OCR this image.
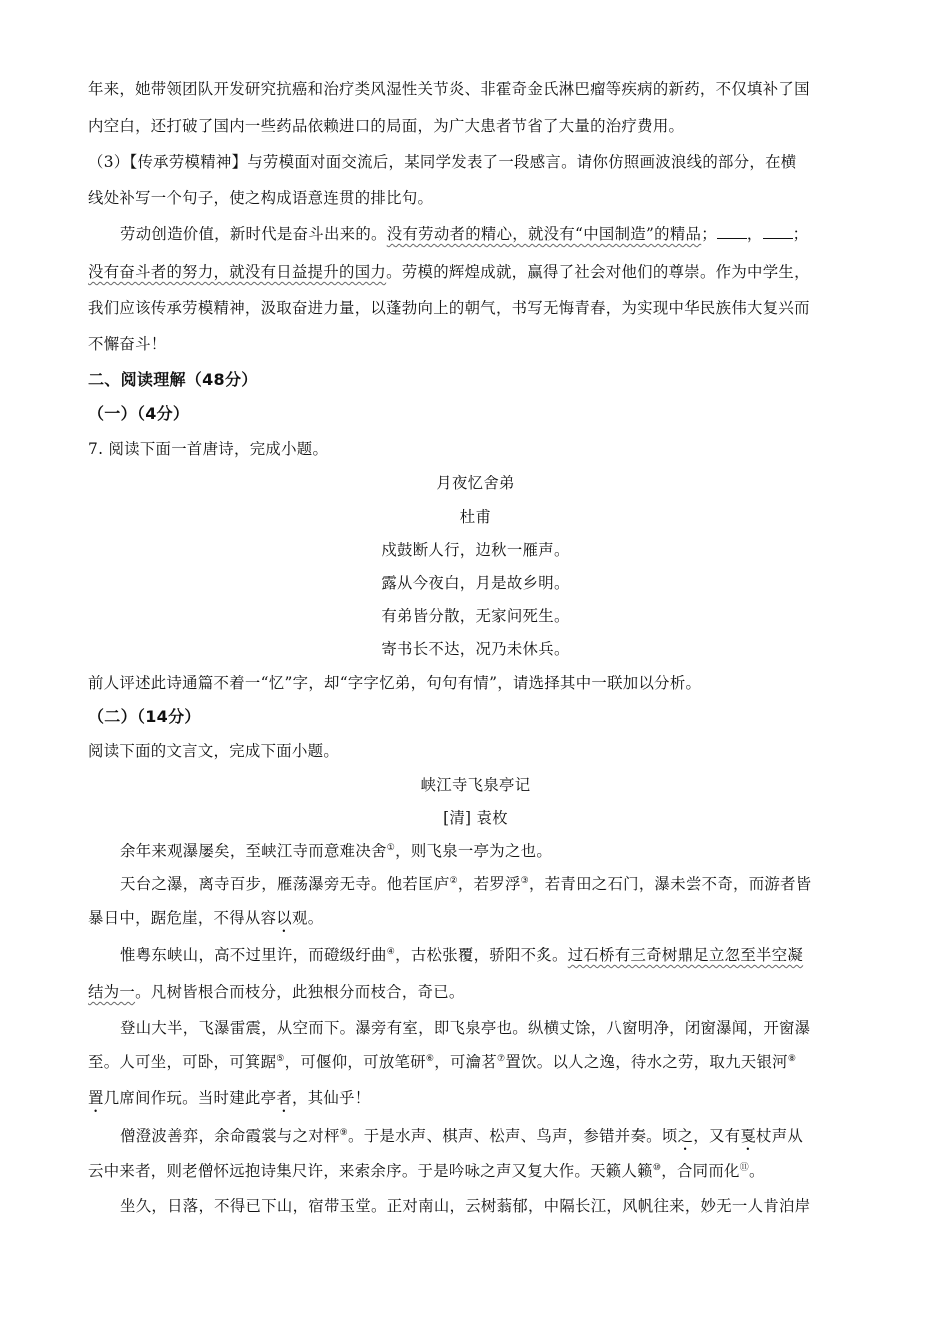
年来，她带领团队开发研究抗癌和治疗类风湿性关节炎、非霍奇金氏淋巴瘤等疾病的新药，不仅填补了国
内空白，还打破了国内一些药品依赖进口的局面，为广大患者节省了大量的治疗费用。
（3）【传承劳模精神】与劳模面对面交流后，某同学发表了一段感言。请你仿照画波浪线的部分，在横
线处补写一个句子，使之构成语意连贯的排比句。
劳动创造价值，新时代是奋斗出来的。没有劳动者的精心，就没有“中国制造”的精品； ， ；
没有奋斗者的努力，就没有日益提升的国力。劳模的辉煌成就，赢得了社会对他们的尊崇。作为中学生，
我们应该传承劳模精神，汲取奋进力量，以蓬勃向上的朝气，书写无悔青春，为实现中华民族伟大复兴而
不懈奋斗！
二、阅读理解（48分）
（一）（4分）
7. 阅读下面一首唐诗，完成小题。
月夜忆舍弟
杜甫
戍鼓断人行，边秋一雁声。
露从今夜白，月是故乡明。
有弟皆分散，无家问死生。
寄书长不达，况乃未休兵。
前人评述此诗通篇不着一“忆”字，却“字字忆弟，句句有情”，请选择其中一联加以分析。
（二）（14分）
阅读下面的文言文，完成下面小题。
峡江寺飞泉亭记
[清] 袁枚
余年来观瀑屡矣，至峡江寺而意难决舍①，则飞泉一亭为之也。
天台之瀑，离寺百步，雁荡瀑旁无寺。他若匡庐②，若罗浮③，若青田之石门，瀑未尝不奇，而游者皆
暴日中，踞危崖，不得从容以观。
惟粤东峡山，高不过里许，而磴级纡曲④，古松张覆，骄阳不炙。过石桥有三奇树鼎足立忽至半空凝
结为一。凡树皆根合而枝分，此独根分而枝合，奇已。
登山大半，飞瀑雷震，从空而下。瀑旁有室，即飞泉亭也。纵横丈馀，八窗明净，闭窗瀑闻，开窗瀑
至。人可坐，可卧，可箕踞⑤，可偃仰，可放笔研⑥，可瀹茗⑦置饮。以人之逸，待水之劳，取九天银河⑧
置几席间作玩。当时建此亭者，其仙乎！
僧澄波善弈，余命霞裳与之对枰⑨。于是水声、棋声、松声、鸟声，参错并奏。顷之，又有戛杖声从
云中来者，则老僧怀远抱诗集尺许，来索余序。于是吟咏之声又复大作。天籁人籁⑩，合同而化⑪。
坐久，日落，不得已下山，宿带玉堂。正对南山，云树蓊郁，中隔长江，风帆往来，妙无一人肯泊岸
